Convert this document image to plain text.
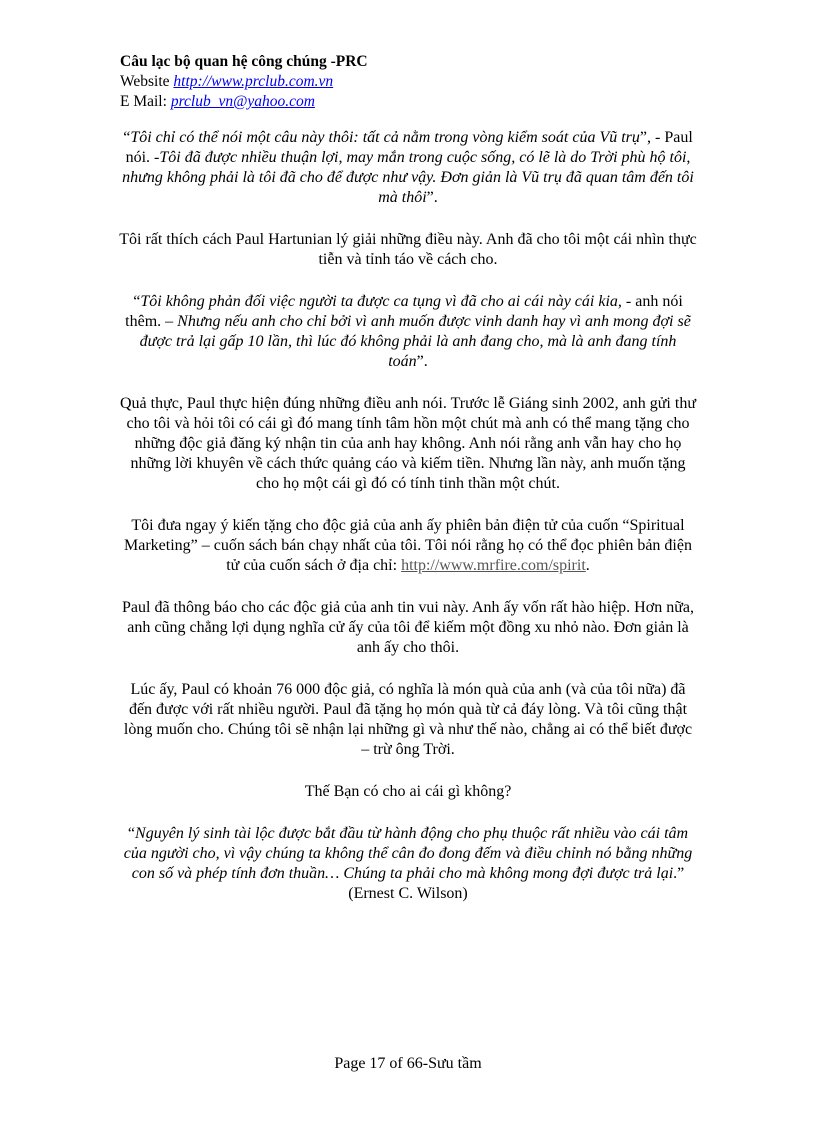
Câu lạc bộ quan hệ công chúng -PRC
Website http://www.prclub.com.vn
E Mail: prclub_vn@yahoo.com

“Tôi chỉ có thể nói một câu này thôi: tất cả nằm trong vòng kiểm soát của Vũ trụ”, - Paul nói. -Tôi đã được nhiều thuận lợi, may mắn trong cuộc sống, có lẽ là do Trời phù hộ tôi, nhưng không phải là tôi đã cho để được như vậy. Đơn giản là Vũ trụ đã quan tâm đến tôi mà thôi”.

Tôi rất thích cách Paul Hartunian lý giải những điều này. Anh đã cho tôi một cái nhìn thực tiễn và tỉnh táo về cách cho.

“Tôi không phản đối việc người ta được ca tụng vì đã cho ai cái này cái kia, - anh nói thêm. – Nhưng nếu anh cho chỉ bởi vì anh muốn được vinh danh hay vì anh mong đợi sẽ được trả lại gấp 10 lần, thì lúc đó không phải là anh đang cho, mà là anh đang tính toán”.

Quả thực, Paul thực hiện đúng những điều anh nói. Trước lễ Giáng sinh 2002, anh gửi thư cho tôi và hỏi tôi có cái gì đó mang tính tâm hồn một chút mà anh có thể mang tặng cho những độc giả đăng ký nhận tin của anh hay không. Anh nói rằng anh vẫn hay cho họ những lời khuyên về cách thức quảng cáo và kiếm tiền. Nhưng lần này, anh muốn tặng cho họ một cái gì đó có tính tinh thần một chút.

Tôi đưa ngay ý kiến tặng cho độc giả của anh ấy phiên bản điện tử của cuốn “Spiritual Marketing” – cuốn sách bán chạy nhất của tôi. Tôi nói rằng họ có thể đọc phiên bản điện tử của cuốn sách ở địa chỉ: http://www.mrfire.com/spirit.

Paul đã thông báo cho các độc giả của anh tin vui này. Anh ấy vốn rất hào hiệp. Hơn nữa, anh cũng chẳng lợi dụng nghĩa cử ấy của tôi để kiếm một đồng xu nhỏ nào. Đơn giản là anh ấy cho thôi.

Lúc ấy, Paul có khoản 76 000 độc giả, có nghĩa là món quà của anh (và của tôi nữa) đã đến được với rất nhiều người. Paul đã tặng họ món quà từ cả đáy lòng. Và tôi cũng thật lòng muốn cho. Chúng tôi sẽ nhận lại những gì và như thế nào, chẳng ai có thể biết được – trừ ông Trời.

Thế Bạn có cho ai cái gì không?

“Nguyên lý sinh tài lộc được bắt đầu từ hành động cho phụ thuộc rất nhiều vào cái tâm của người cho, vì vậy chúng ta không thể cân đo đong đếm và điều chỉnh nó bằng những con số và phép tính đơn thuần… Chúng ta phải cho mà không mong đợi được trả lại.” (Ernest C. Wilson)

Page 17 of 66-Sưu tầm
